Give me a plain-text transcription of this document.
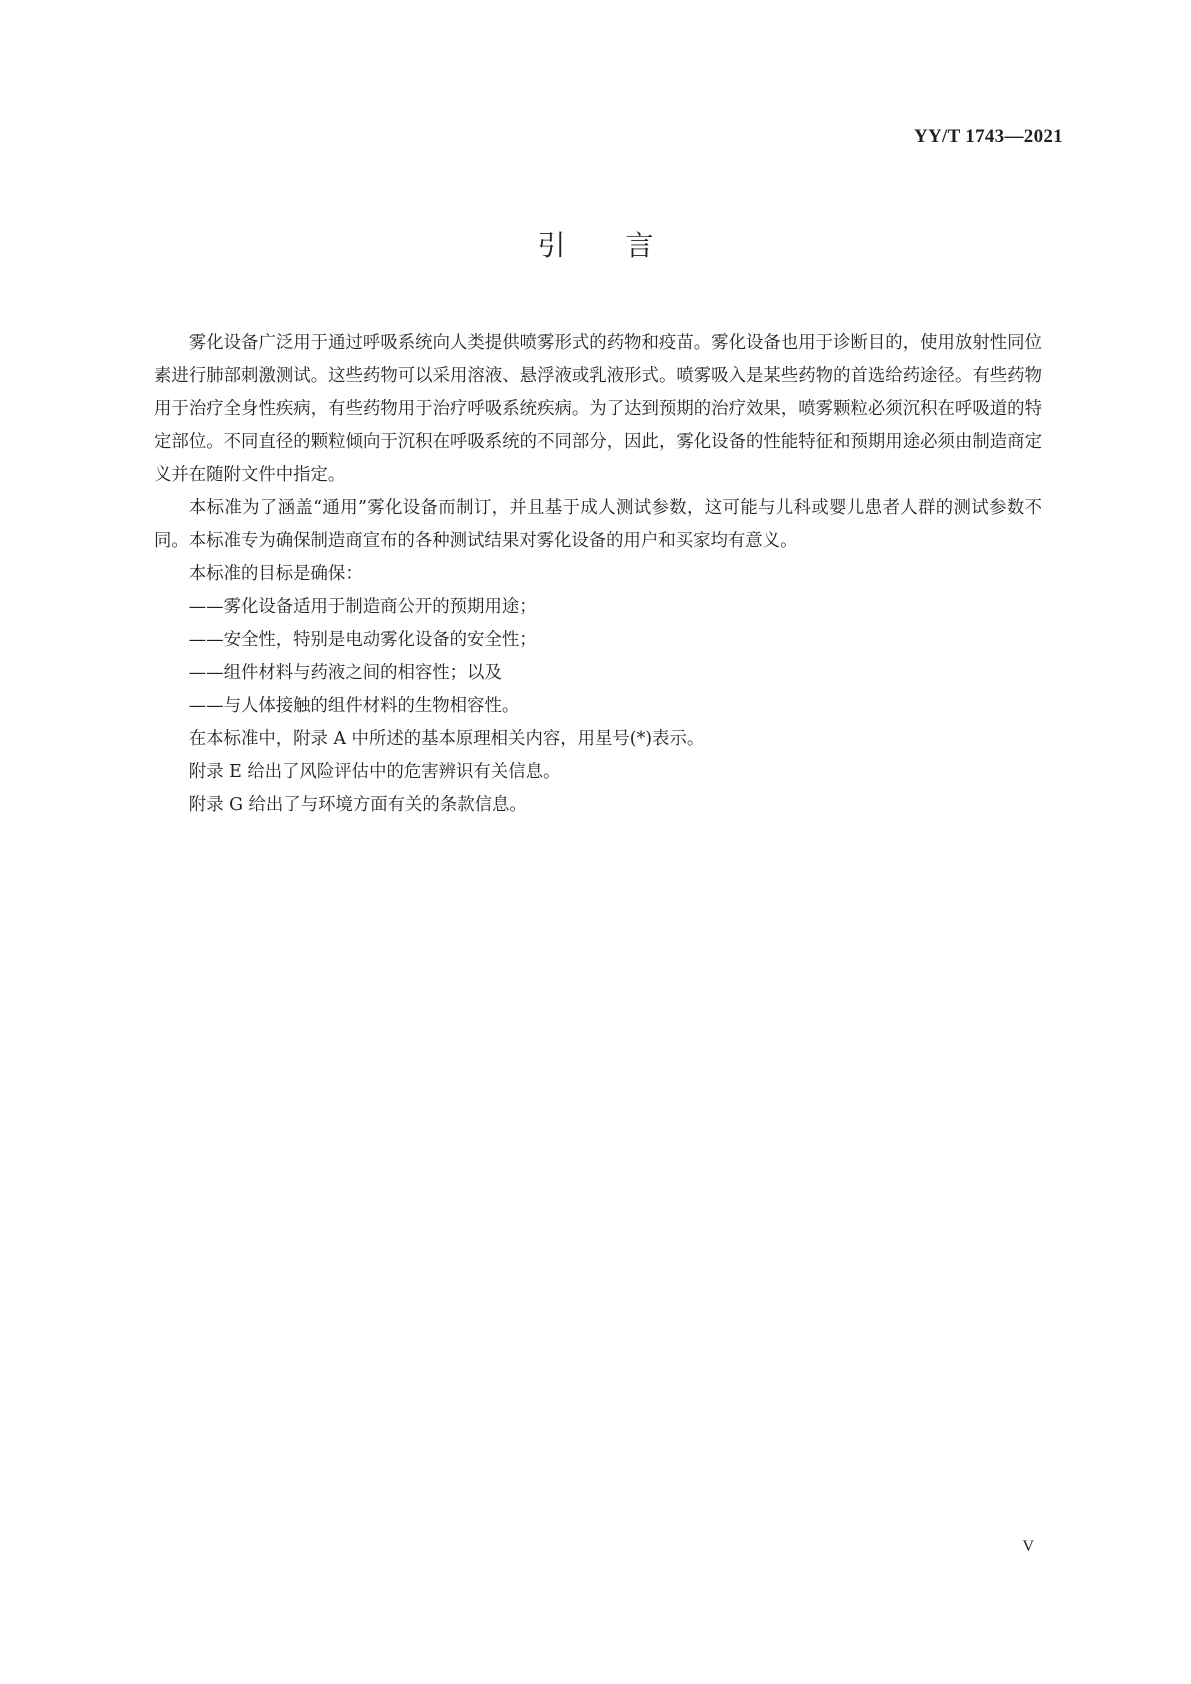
YY/T 1743—2021
引言

雾化设备广泛用于通过呼吸系统向人类提供喷雾形式的药物和疫苗。雾化设备也用于诊断目的，使用放射性同位素进行肺部刺激测试。这些药物可以采用溶液、悬浮液或乳液形式。喷雾吸入是某些药物的首选给药途径。有些药物用于治疗全身性疾病，有些药物用于治疗呼吸系统疾病。为了达到预期的治疗效果，喷雾颗粒必须沉积在呼吸道的特定部位。不同直径的颗粒倾向于沉积在呼吸系统的不同部分，因此，雾化设备的性能特征和预期用途必须由制造商定义并在随附文件中指定。

本标准为了涵盖“通用”雾化设备而制订，并且基于成人测试参数，这可能与儿科或婴儿患者人群的测试参数不同。本标准专为确保制造商宣布的各种测试结果对雾化设备的用户和买家均有意义。

本标准的目标是确保：

——雾化设备适用于制造商公开的预期用途；

——安全性，特别是电动雾化设备的安全性；

——组件材料与药液之间的相容性；以及

——与人体接触的组件材料的生物相容性。

在本标准中，附录 A 中所述的基本原理相关内容，用星号(*)表示。

附录 E 给出了风险评估中的危害辨识有关信息。

附录 G 给出了与环境方面有关的条款信息。

V
